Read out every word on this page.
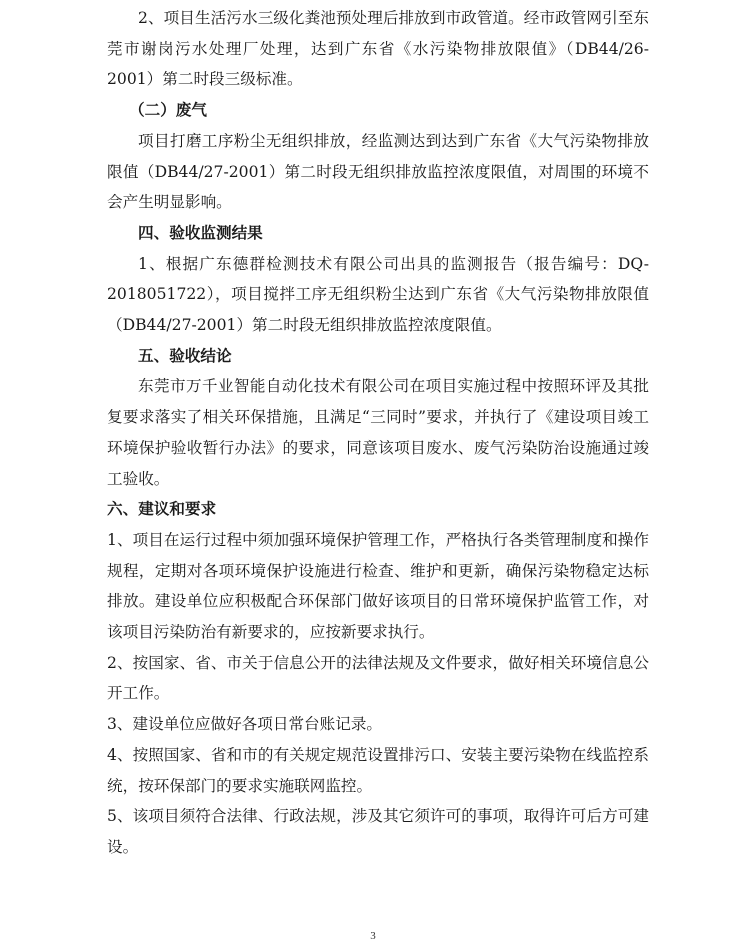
2、项目生活污水三级化粪池预处理后排放到市政管道。经市政管网引至东莞市谢岗污水处理厂处理，达到广东省《水污染物排放限值》（DB44/26-2001）第二时段三级标准。

（二）废气

项目打磨工序粉尘无组织排放，经监测达到达到广东省《大气污染物排放限值（DB44/27-2001）第二时段无组织排放监控浓度限值，对周围的环境不会产生明显影响。

四、验收监测结果

1、根据广东德群检测技术有限公司出具的监测报告（报告编号：DQ-2018051722），项目搅拌工序无组织粉尘达到广东省《大气污染物排放限值（DB44/27-2001）第二时段无组织排放监控浓度限值。

五、验收结论

东莞市万千业智能自动化技术有限公司在项目实施过程中按照环评及其批复要求落实了相关环保措施，且满足“三同时”要求，并执行了《建设项目竣工环境保护验收暂行办法》的要求，同意该项目废水、废气污染防治设施通过竣工验收。

六、建议和要求

1、项目在运行过程中须加强环境保护管理工作，严格执行各类管理制度和操作规程，定期对各项环境保护设施进行检查、维护和更新，确保污染物稳定达标排放。建设单位应积极配合环保部门做好该项目的日常环境保护监管工作，对该项目污染防治有新要求的，应按新要求执行。

2、按国家、省、市关于信息公开的法律法规及文件要求，做好相关环境信息公开工作。

3、建设单位应做好各项日常台账记录。

4、按照国家、省和市的有关规定规范设置排污口、安装主要污染物在线监控系统，按环保部门的要求实施联网监控。

5、该项目须符合法律、行政法规，涉及其它须许可的事项，取得许可后方可建设。

3
